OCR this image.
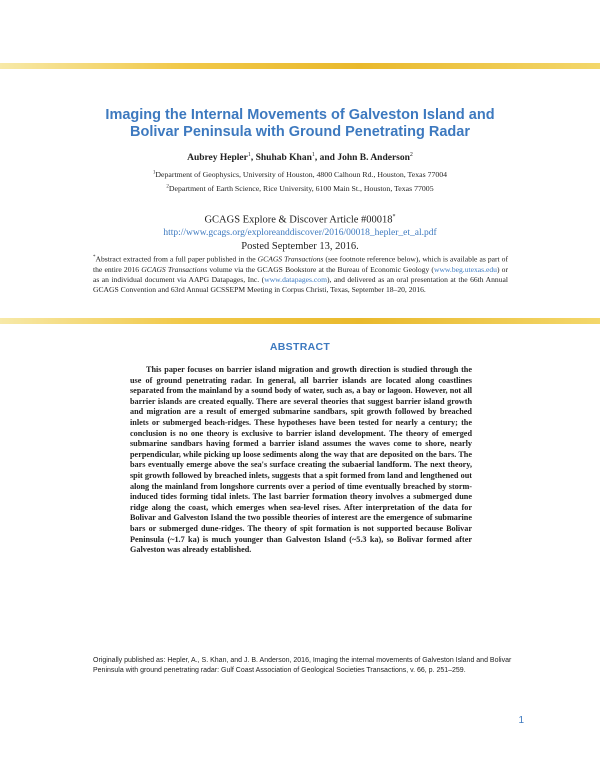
Imaging the Internal Movements of Galveston Island and
Bolivar Peninsula with Ground Penetrating Radar
Aubrey Hepler$^1$, Shuhab Khan$^1$, and John B. Anderson$^2$
$^1$Department of Geophysics, University of Houston, 4800 Calhoun Rd., Houston, Texas 77004
$^2$Department of Earth Science, Rice University, 6100 Main St., Houston, Texas 77005
GCAGS Explore & Discover Article #00018*
http://www.gcags.org/exploreanddiscover/2016/00018_hepler_et_al.pdf
Posted September 13, 2016.
*Abstract extracted from a full paper published in the GCAGS Transactions (see footnote reference below), which is available as part of the entire 2016 GCAGS Transactions volume via the GCAGS Bookstore at the Bureau of Economic Geology (www.beg.utexas.edu) or as an individual document via AAPG Datapages, Inc. (www.datapages.com), and delivered as an oral presentation at the 66th Annual GCAGS Convention and 63rd Annual GCSSEPM Meeting in Corpus Christi, Texas, September 18–20, 2016.
ABSTRACT
This paper focuses on barrier island migration and growth direction is studied through the use of ground penetrating radar. In general, all barrier islands are located along coastlines separated from the mainland by a sound body of water, such as, a bay or lagoon. However, not all barrier islands are created equally. There are several theories that suggest barrier island growth and migration are a result of emerged submarine sandbars, spit growth followed by breached inlets or submerged beach-ridges. These hypotheses have been tested for nearly a century; the conclusion is no one theory is exclusive to barrier island development. The theory of emerged submarine sandbars having formed a barrier island assumes the waves come to shore, nearly perpendicular, while picking up loose sediments along the way that are deposited on the bars. The bars eventually emerge above the sea's surface creating the subaerial landform. The next theory, spit growth followed by breached inlets, suggests that a spit formed from land and lengthened out along the mainland from longshore currents over a period of time eventually breached by storm-induced tides forming tidal inlets. The last barrier formation theory involves a submerged dune ridge along the coast, which emerges when sea-level rises. After interpretation of the data for Bolivar and Galveston Island the two possible theories of interest are the emergence of submarine bars or submerged dune-ridges. The theory of spit formation is not supported because Bolivar Peninsula (~1.7 ka) is much younger than Galveston Island (~5.3 ka), so Bolivar formed after Galveston was already established.
Originally published as: Hepler, A., S. Khan, and J. B. Anderson, 2016, Imaging the internal movements of Galveston Island and Bolivar Peninsula with ground penetrating radar: Gulf Coast Association of Geological Societies Transactions, v. 66, p. 251–259.
1
